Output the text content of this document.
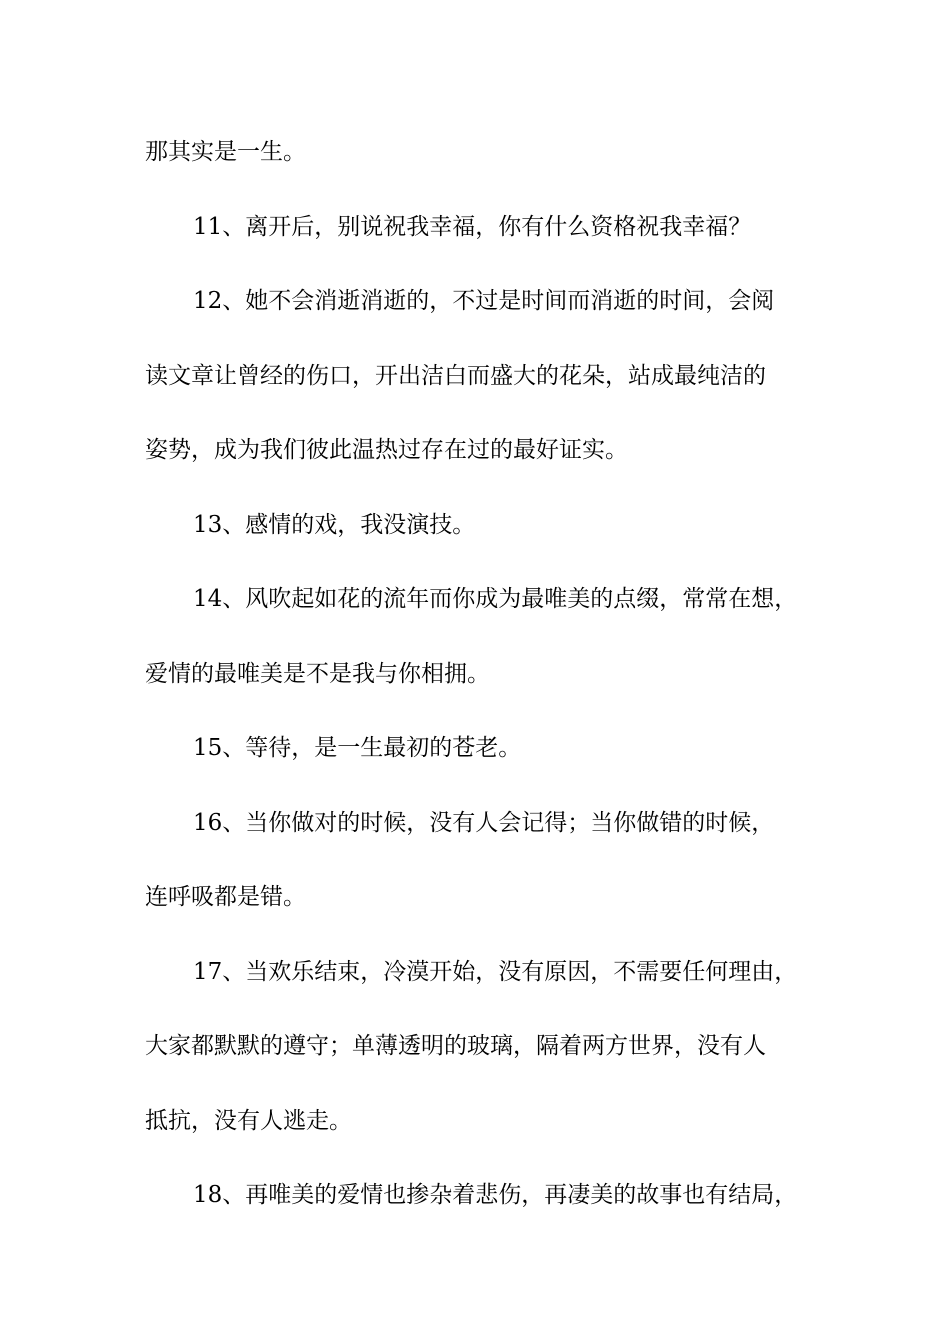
那其实是一生。
11、离开后，别说祝我幸福，你有什么资格祝我幸福？
12、她不会消逝消逝的，不过是时间而消逝的时间，会阅
读文章让曾经的伤口，开出洁白而盛大的花朵，站成最纯洁的
姿势，成为我们彼此温热过存在过的最好证实。
13、感情的戏，我没演技。
14、风吹起如花的流年而你成为最唯美的点缀，常常在想，
爱情的最唯美是不是我与你相拥。
15、等待，是一生最初的苍老。
16、当你做对的时候，没有人会记得；当你做错的时候，
连呼吸都是错。
17、当欢乐结束，冷漠开始，没有原因，不需要任何理由，
大家都默默的遵守；单薄透明的玻璃，隔着两方世界，没有人
抵抗，没有人逃走。
18、再唯美的爱情也掺杂着悲伤，再凄美的故事也有结局，
